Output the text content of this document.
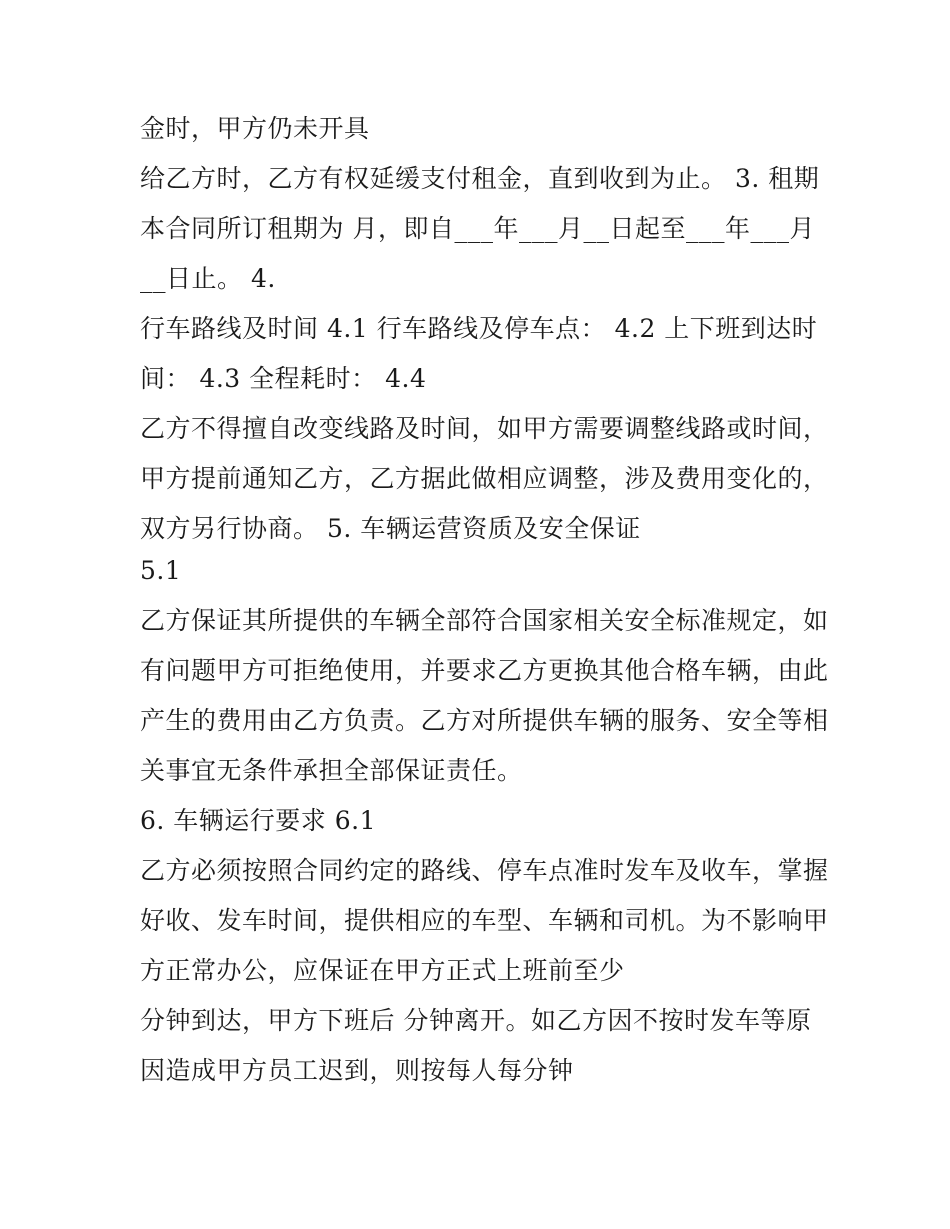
金时，甲方仍未开具
给乙方时，乙方有权延缓支付租金，直到收到为止。 3. 租期
本合同所订租期为 月，即自___年___月__日起至___年___月
__日止。 4.
行车路线及时间 4.1 行车路线及停车点： 4.2 上下班到达时
间： 4.3 全程耗时： 4.4
乙方不得擅自改变线路及时间，如甲方需要调整线路或时间，
甲方提前通知乙方，乙方据此做相应调整，涉及费用变化的，
双方另行协商。 5. 车辆运营资质及安全保证
5.1
乙方保证其所提供的车辆全部符合国家相关安全标准规定，如
有问题甲方可拒绝使用，并要求乙方更换其他合格车辆，由此
产生的费用由乙方负责。乙方对所提供车辆的服务、安全等相
关事宜无条件承担全部保证责任。
6. 车辆运行要求 6.1
乙方必须按照合同约定的路线、停车点准时发车及收车，掌握
好收、发车时间，提供相应的车型、车辆和司机。为不影响甲
方正常办公，应保证在甲方正式上班前至少
分钟到达，甲方下班后 分钟离开。如乙方因不按时发车等原
因造成甲方员工迟到，则按每人每分钟
